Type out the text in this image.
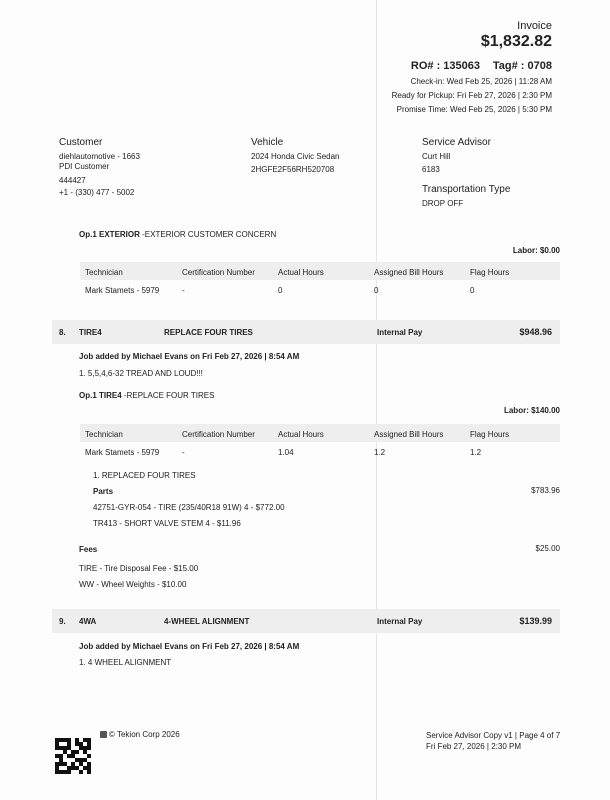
Invoice
$1,832.82
RO# : 135063 Tag# : 0708
Check-in: Wed Feb 25, 2026 | 11:28 AM
Ready for Pickup: Fri Feb 27, 2026 | 2:30 PM
Promise Time: Wed Feb 25, 2026 | 5:30 PM
Customer
diehlautomotive - 1663
PDI Customer
444427
+1 - (330) 477 - 5002
Vehicle
2024 Honda Civic Sedan
2HGFE2F56RH520708
Service Advisor
Curt Hill
6183
Transportation Type
DROP OFF
Op.1 EXTERIOR -EXTERIOR CUSTOMER CONCERN
Labor: $0.00
Technician	Certification Number	Actual Hours	Assigned Bill Hours	Flag Hours
Mark Stamets - 5979	-	0	0	0
8. TIRE4	REPLACE FOUR TIRES	Internal Pay	$948.96
Job added by Michael Evans on Fri Feb 27, 2026 | 8:54 AM
1. 5,5,4,6-32 TREAD AND LOUD!!!
Op.1 TIRE4 -REPLACE FOUR TIRES
Labor: $140.00
Technician	Certification Number	Actual Hours	Assigned Bill Hours	Flag Hours
Mark Stamets - 5979	-	1.04	1.2	1.2
1. REPLACED FOUR TIRES
Parts	$783.96
42751-GYR-054 - TIRE (235/40R18 91W) 4 - $772.00
TR413 - SHORT VALVE STEM 4 - $11.96
Fees	$25.00
TIRE - Tire Disposal Fee - $15.00
WW - Wheel Weights - $10.00
9. 4WA	4-WHEEL ALIGNMENT	Internal Pay	$139.99
Job added by Michael Evans on Fri Feb 27, 2026 | 8:54 AM
1. 4 WHEEL ALIGNMENT
© Tekion Corp 2026	Service Advisor Copy v1 | Page 4 of 7
Fri Feb 27, 2026 | 2:30 PM
